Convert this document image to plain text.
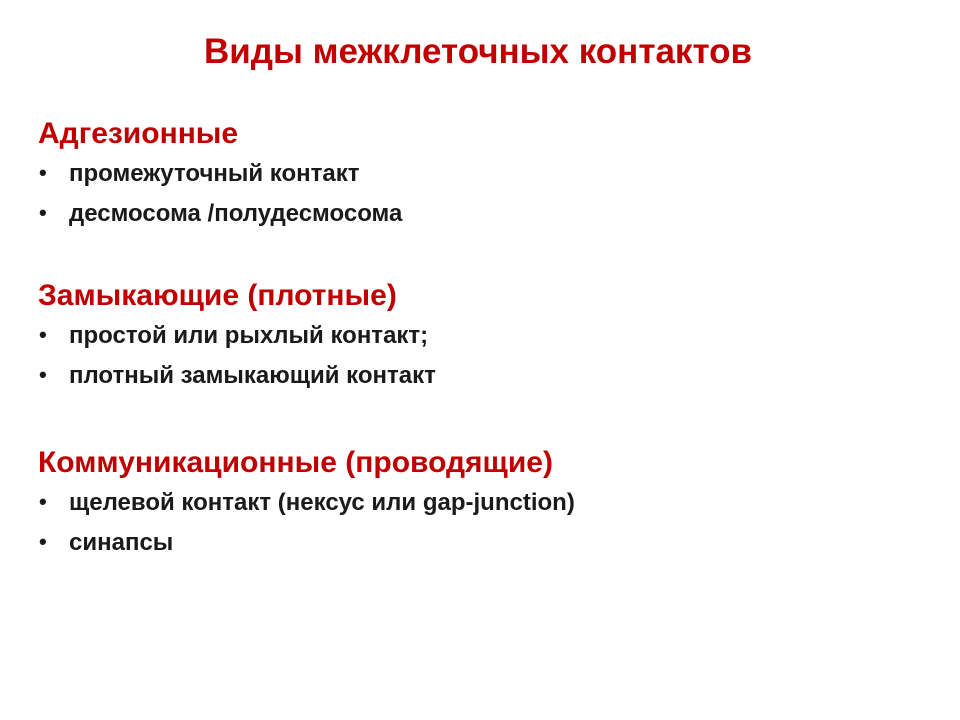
Виды межклеточных контактов
Адгезионные
• промежуточный контакт
• десмосома /полудесмосома
Замыкающие (плотные)
• простой или рыхлый контакт;
• плотный замыкающий контакт
Коммуникационные (проводящие)
• щелевой контакт (нексус или gap-junction)
• синапсы
